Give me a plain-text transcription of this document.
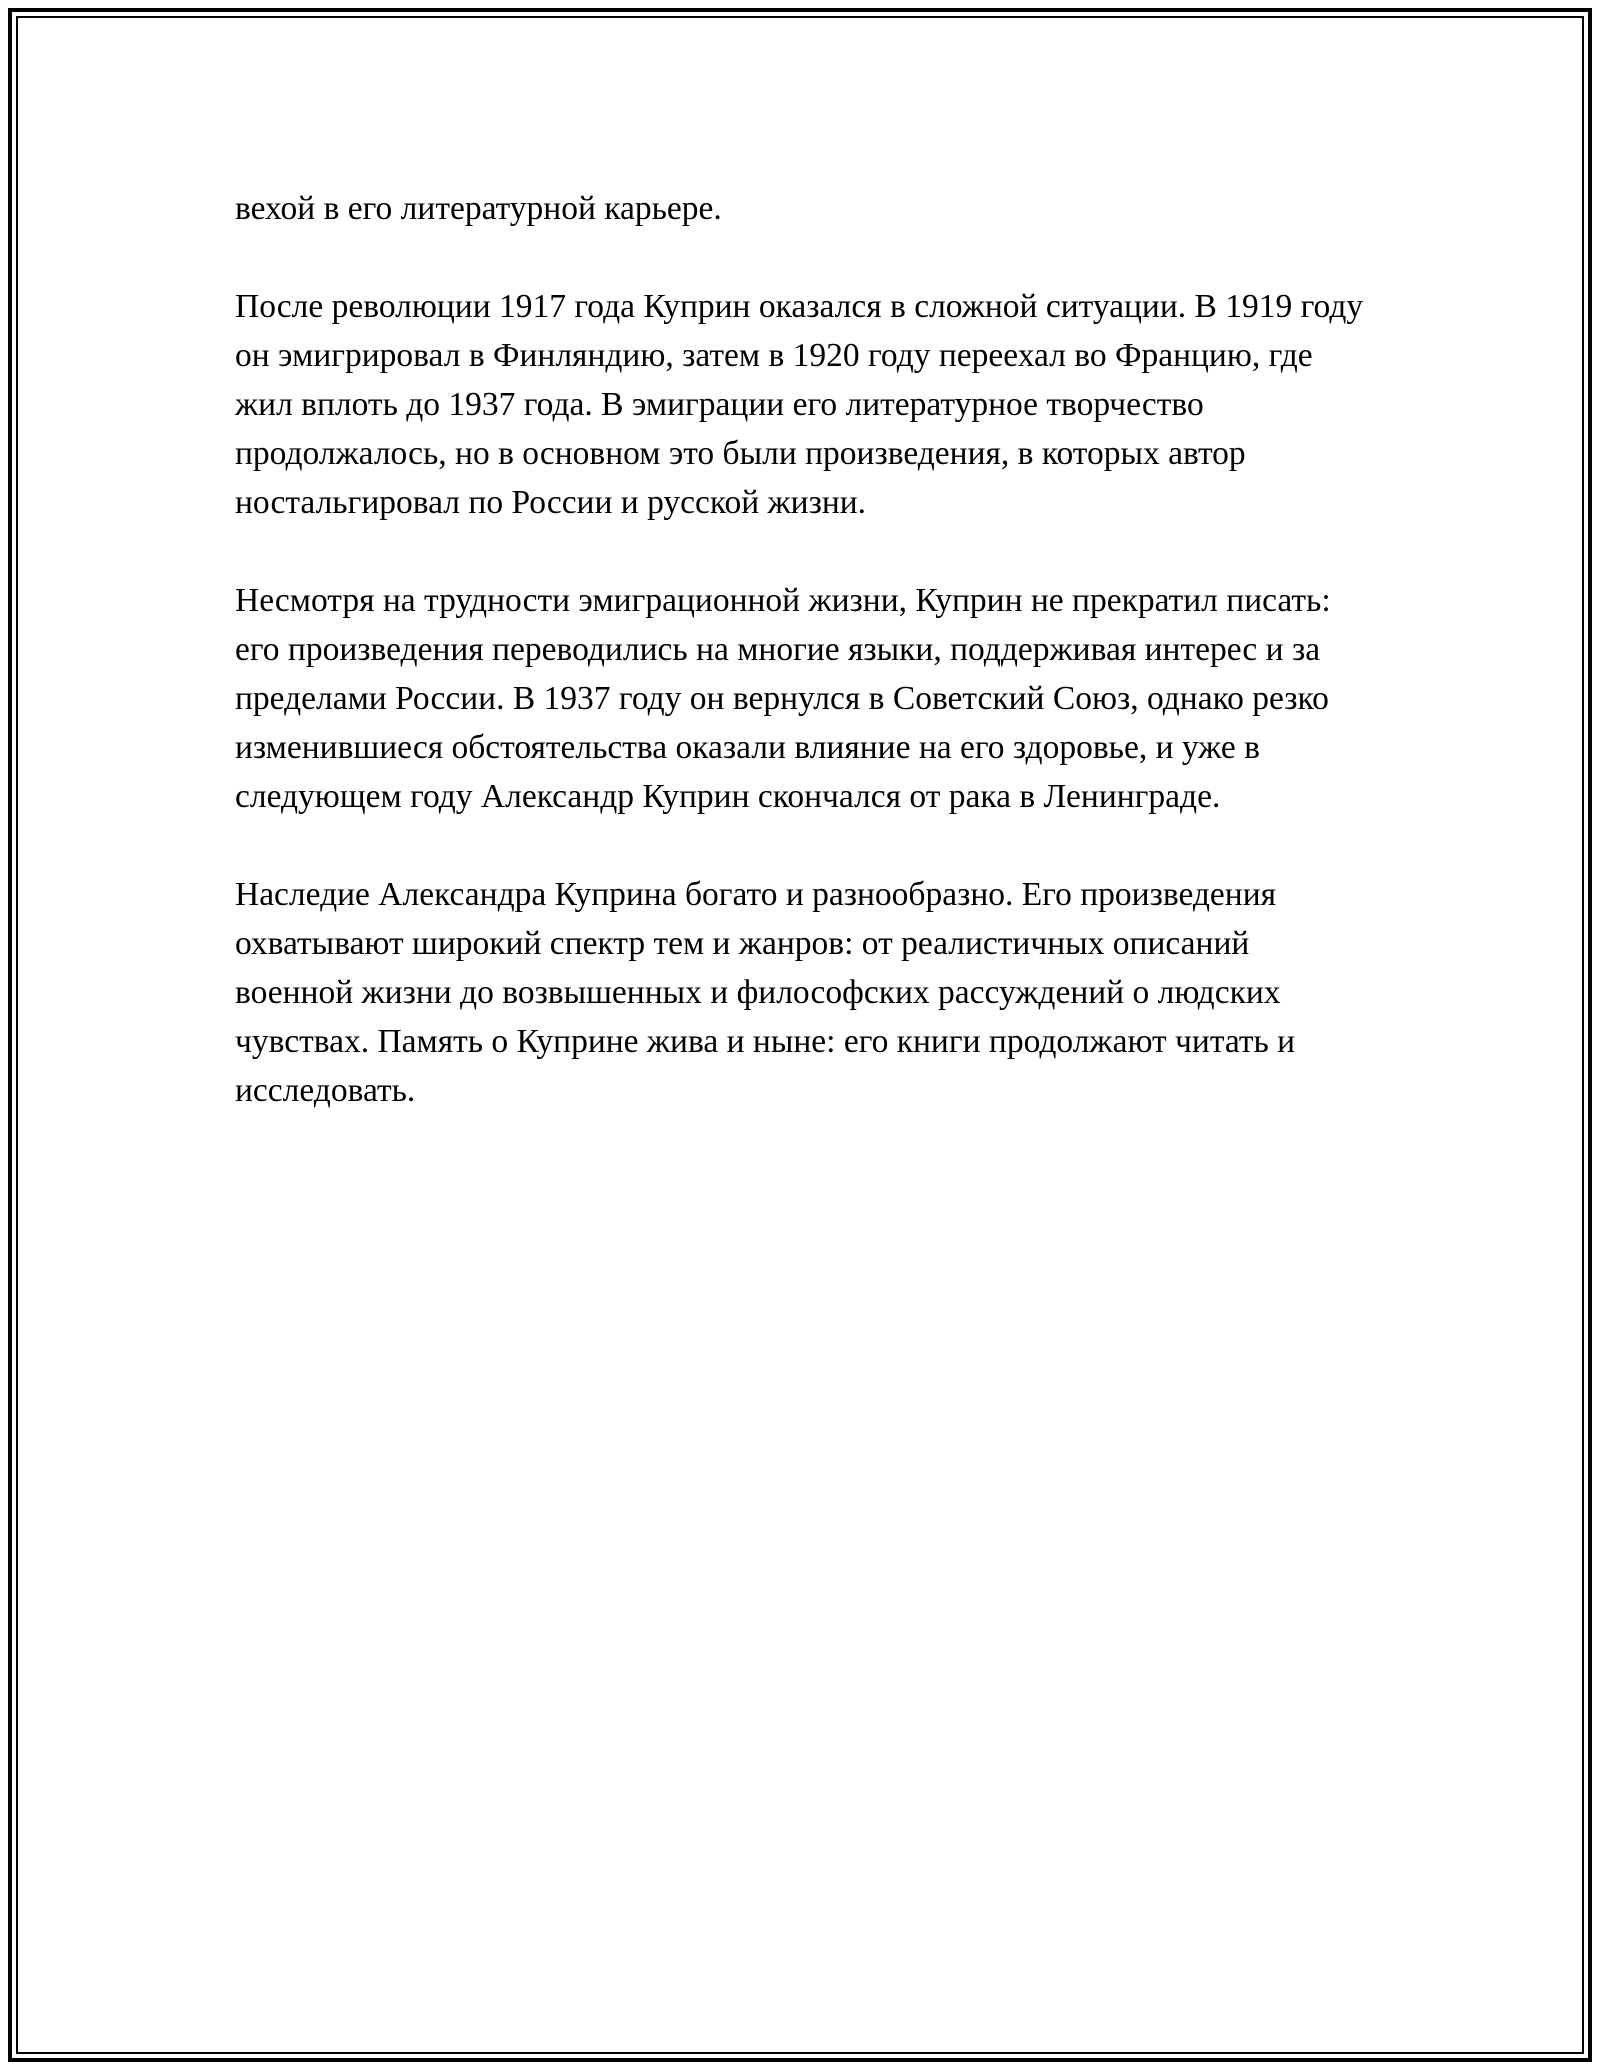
вехой в его литературной карьере.

После революции 1917 года Куприн оказался в сложной ситуации. В 1919 году он эмигрировал в Финляндию, затем в 1920 году переехал во Францию, где жил вплоть до 1937 года. В эмиграции его литературное творчество продолжалось, но в основном это были произведения, в которых автор ностальгировал по России и русской жизни.

Несмотря на трудности эмиграционной жизни, Куприн не прекратил писать: его произведения переводились на многие языки, поддерживая интерес и за пределами России. В 1937 году он вернулся в Советский Союз, однако резко изменившиеся обстоятельства оказали влияние на его здоровье, и уже в следующем году Александр Куприн скончался от рака в Ленинграде.

Наследие Александра Куприна богато и разнообразно. Его произведения охватывают широкий спектр тем и жанров: от реалистичных описаний военной жизни до возвышенных и философских рассуждений о людских чувствах. Память о Куприне жива и ныне: его книги продолжают читать и исследовать.
